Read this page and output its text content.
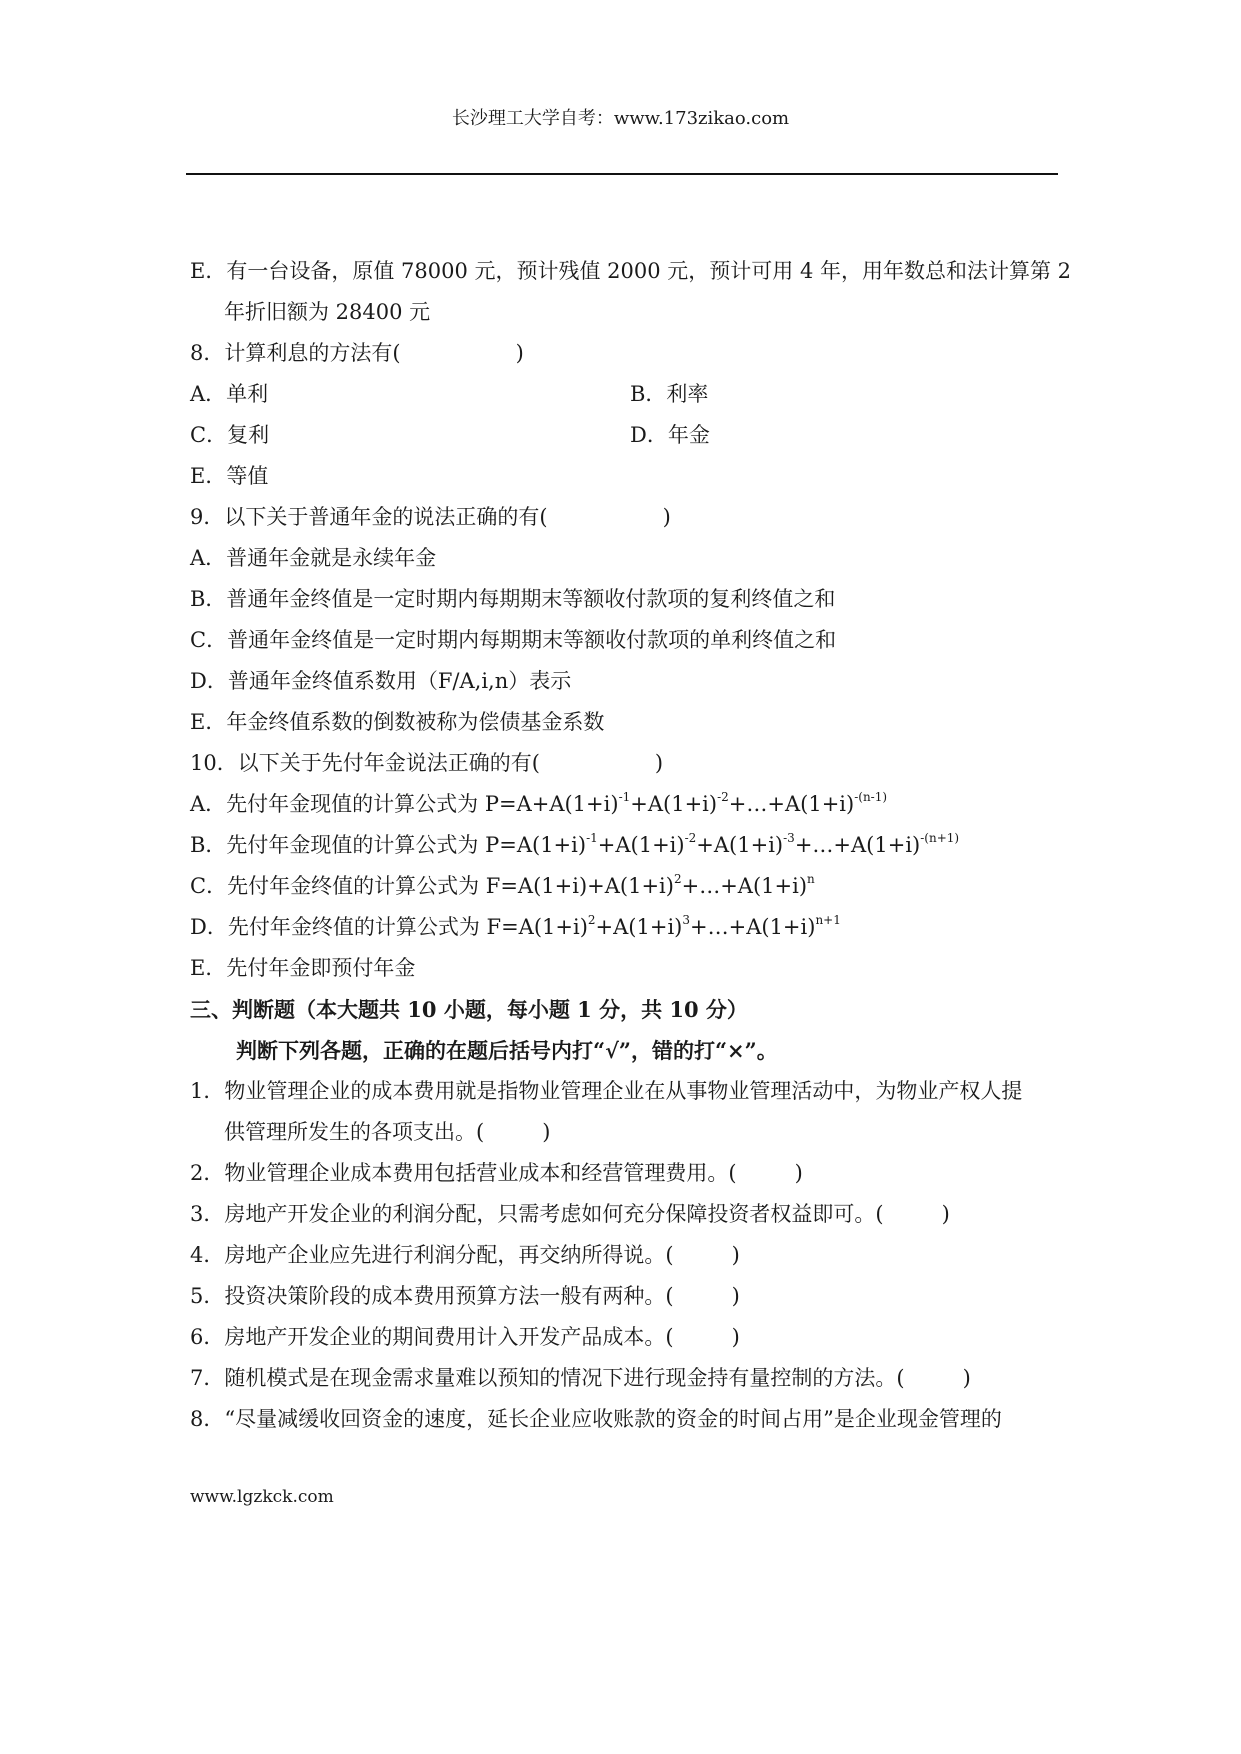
长沙理工大学自考：www.173zikao.com
E．有一台设备，原值 78000 元，预计残值 2000 元，预计可用 4 年，用年数总和法计算第 2
年折旧额为 28400 元
8．计算利息的方法有(	)
A．单利	B．利率
C．复利	D．年金
E．等值
9．以下关于普通年金的说法正确的有(	)
A．普通年金就是永续年金
B．普通年金终值是一定时期内每期期末等额收付款项的复利终值之和
C．普通年金终值是一定时期内每期期末等额收付款项的单利终值之和
D．普通年金终值系数用（F/A,i,n）表示
E．年金终值系数的倒数被称为偿债基金系数
10．以下关于先付年金说法正确的有(	)
A．先付年金现值的计算公式为 $P=A+A(1+i)^{-1}+A(1+i)^{-2}+\dots+A(1+i)^{-(n-1)}$
B．先付年金现值的计算公式为 $P=A(1+i)^{-1}+A(1+i)^{-2}+A(1+i)^{-3}+\dots+A(1+i)^{-(n+1)}$
C．先付年金终值的计算公式为 $F=A(1+i)+A(1+i)^2+\dots+A(1+i)^n$
D．先付年金终值的计算公式为 $F=A(1+i)^2+A(1+i)^3+\dots+A(1+i)^{n+1}$
E．先付年金即预付年金
三、判断题（本大题共 10 小题，每小题 1 分，共 10 分）
判断下列各题，正确的在题后括号内打“√”，错的打“×”。
1．物业管理企业的成本费用就是指物业管理企业在从事物业管理活动中，为物业产权人提
供管理所发生的各项支出。(	)
2．物业管理企业成本费用包括营业成本和经营管理费用。(	)
3．房地产开发企业的利润分配，只需考虑如何充分保障投资者权益即可。(	)
4．房地产企业应先进行利润分配，再交纳所得说。(	)
5．投资决策阶段的成本费用预算方法一般有两种。(	)
6．房地产开发企业的期间费用计入开发产品成本。(	)
7．随机模式是在现金需求量难以预知的情况下进行现金持有量控制的方法。(	)
8．“尽量减缓收回资金的速度，延长企业应收账款的资金的时间占用”是企业现金管理的
www.lgzkck.com
